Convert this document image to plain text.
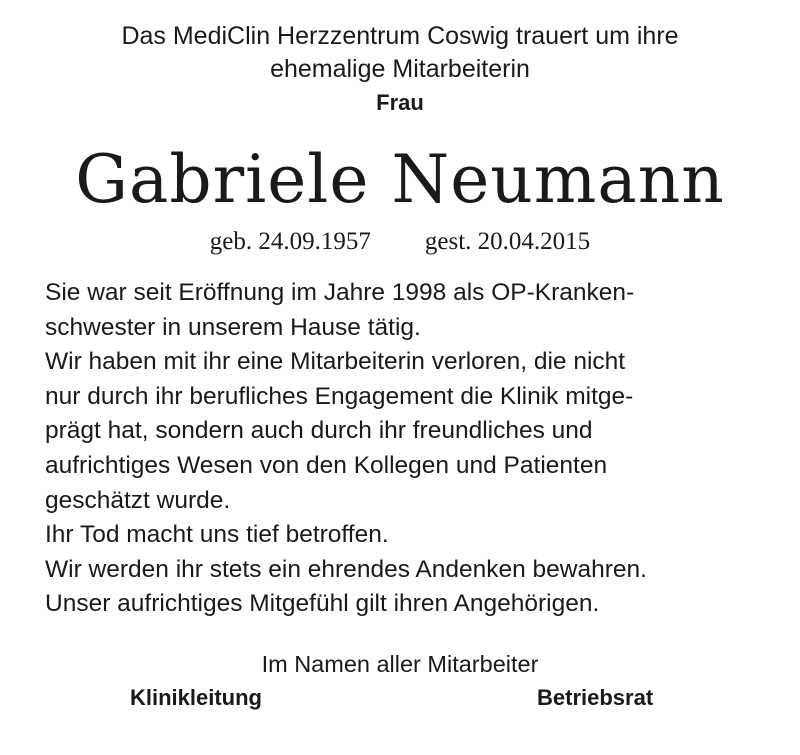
Das MediClin Herzzentrum Coswig trauert um ihre
ehemalige Mitarbeiterin
Frau
Gabriele Neumann
geb. 24.09.1957 gest. 20.04.2015
Sie war seit Eröffnung im Jahre 1998 als OP-Kranken-
schwester in unserem Hause tätig.
Wir haben mit ihr eine Mitarbeiterin verloren, die nicht
nur durch ihr berufliches Engagement die Klinik mitge-
prägt hat, sondern auch durch ihr freundliches und
aufrichtiges Wesen von den Kollegen und Patienten
geschätzt wurde.
Ihr Tod macht uns tief betroffen.
Wir werden ihr stets ein ehrendes Andenken bewahren.
Unser aufrichtiges Mitgefühl gilt ihren Angehörigen.
Im Namen aller Mitarbeiter
Klinikleitung	Betriebsrat
